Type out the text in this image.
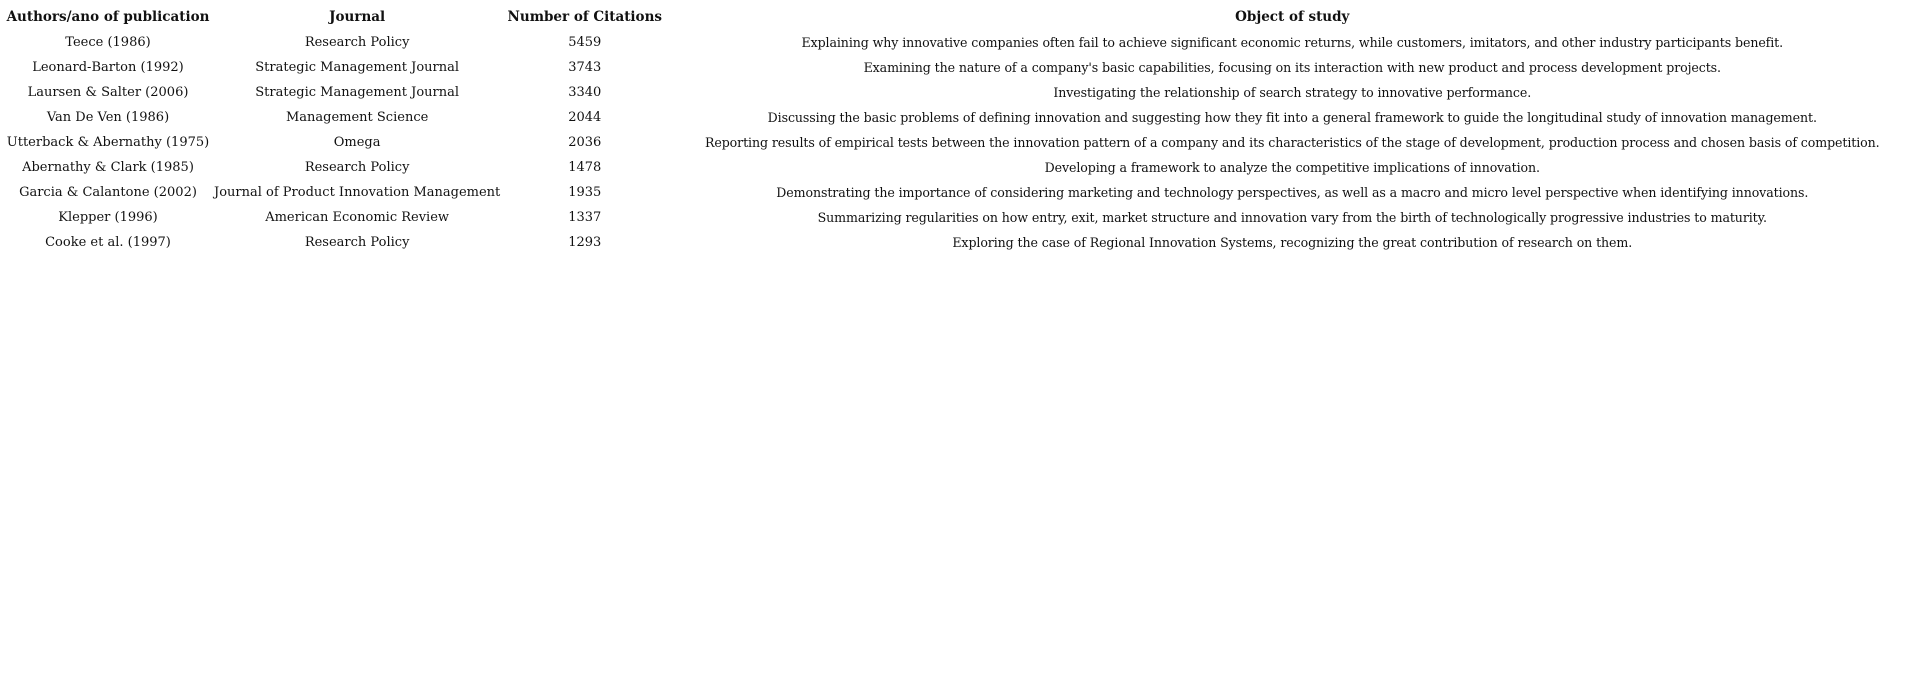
Authors/ano of publication	Journal	Number of Citations	Object of study
Teece (1986)	Research Policy	5459	Explaining why innovative companies often fail to achieve significant economic returns, while customers, imitators, and other industry participants benefit.
Leonard-Barton (1992)	Strategic Management Journal	3743	Examining the nature of a company's basic capabilities, focusing on its interaction with new product and process development projects.
Laursen & Salter (2006)	Strategic Management Journal	3340	Investigating the relationship of search strategy to innovative performance.
Van De Ven (1986)	Management Science	2044	Discussing the basic problems of defining innovation and suggesting how they fit into a general framework to guide the longitudinal study of innovation management.
Utterback & Abernathy (1975)	Omega	2036	Reporting results of empirical tests between the innovation pattern of a company and its characteristics of the stage of development, production process and chosen basis of competition.
Abernathy & Clark (1985)	Research Policy	1478	Developing a framework to analyze the competitive implications of innovation.
Garcia & Calantone (2002)	Journal of Product Innovation Management	1935	Demonstrating the importance of considering marketing and technology perspectives, as well as a macro and micro level perspective when identifying innovations.
Klepper (1996)	American Economic Review	1337	Summarizing regularities on how entry, exit, market structure and innovation vary from the birth of technologically progressive industries to maturity.
Cooke et al. (1997)	Research Policy	1293	Exploring the case of Regional Innovation Systems, recognizing the great contribution of research on them.
